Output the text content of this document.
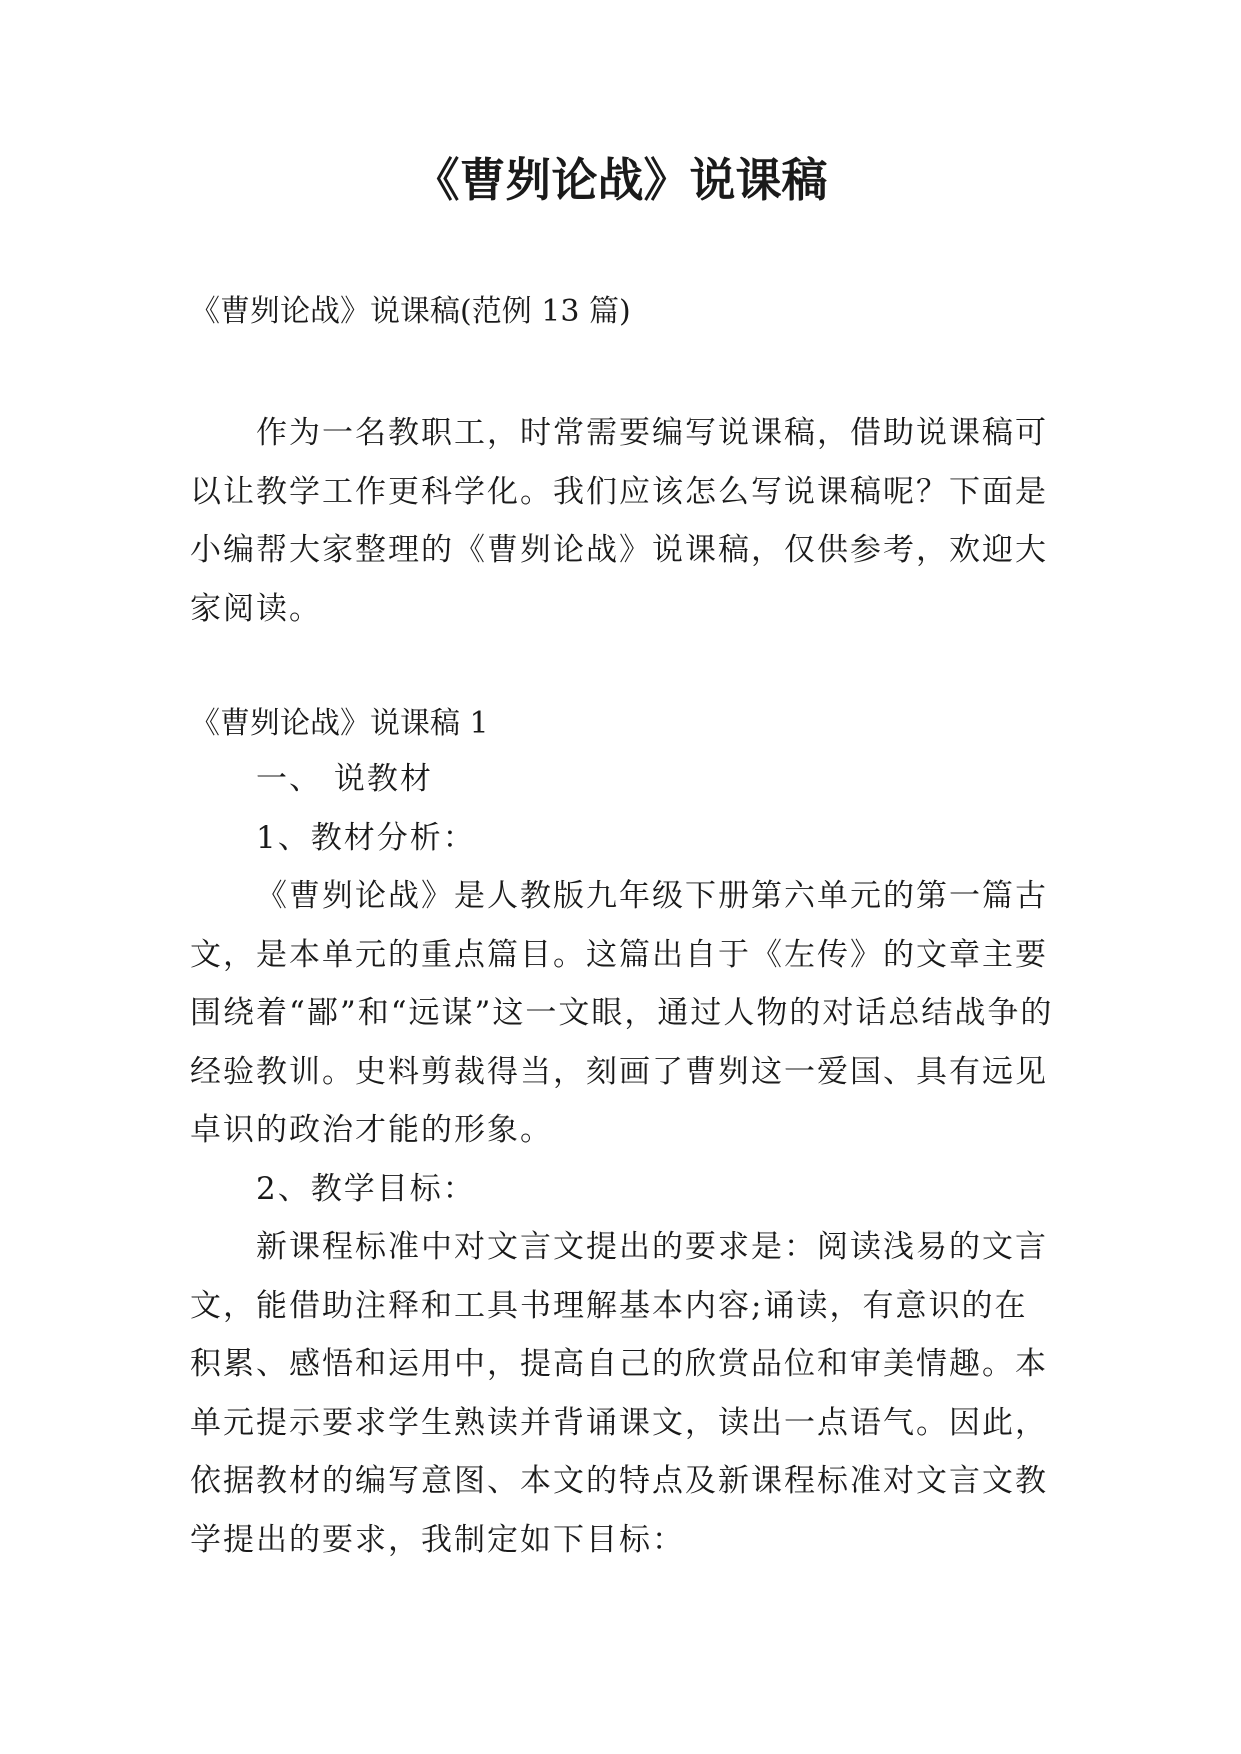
《曹刿论战》说课稿

《曹刿论战》说课稿(范例 13 篇)

作为一名教职工，时常需要编写说课稿，借助说课稿可以让教学工作更科学化。我们应该怎么写说课稿呢？下面是小编帮大家整理的《曹刿论战》说课稿，仅供参考，欢迎大家阅读。

《曹刿论战》说课稿 1

一、 说教材
1、教材分析：
《曹刿论战》是人教版九年级下册第六单元的第一篇古文，是本单元的重点篇目。这篇出自于《左传》的文章主要围绕着“鄙”和“远谋”这一文眼，通过人物的对话总结战争的经验教训。史料剪裁得当，刻画了曹刿这一爱国、具有远见卓识的政治才能的形象。
2、教学目标：
新课程标准中对文言文提出的要求是：阅读浅易的文言文，能借助注释和工具书理解基本内容;诵读，有意识的在积累、感悟和运用中，提高自己的欣赏品位和审美情趣。本单元提示要求学生熟读并背诵课文，读出一点语气。因此，依据教材的编写意图、本文的特点及新课程标准对文言文教学提出的要求，我制定如下目标：
